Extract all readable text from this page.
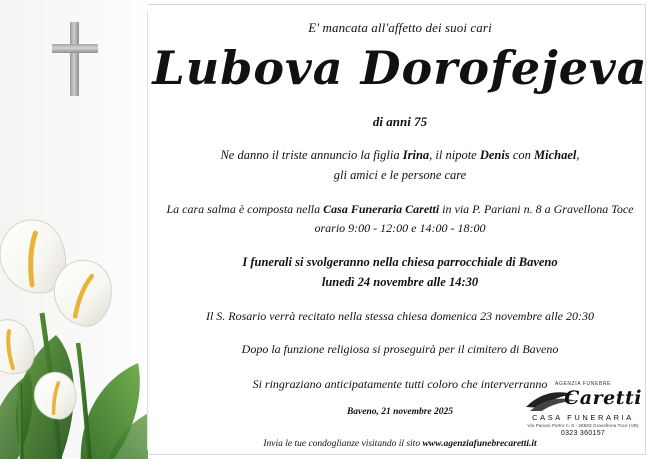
E' mancata all'affetto dei suoi cari
Lubova Dorofejeva
di anni 75
Ne danno il triste annuncio la figlia Irina, il nipote Denis con Michael,
gli amici e le persone care
La cara salma è composta nella Casa Funeraria Caretti in via P. Pariani n. 8 a Gravellona Toce
orario 9:00 - 12:00 e 14:00 - 18:00
I funerali si svolgeranno nella chiesa parrocchiale di Baveno
lunedì 24 novembre alle 14:30
Il S. Rosario verrà recitato nella stessa chiesa domenica 23 novembre alle 20:30
Dopo la funzione religiosa si proseguirà per il cimitero di Baveno
Si ringraziano anticipatamente tutti coloro che interverranno
Baveno, 21 novembre 2025
Invia le tue condoglianze visitando il sito www.agenziafunebrecaretti.it
AGENZIA FUNEBRE
Caretti
CASA FUNERARIA
Via Pariani Pietro n. 8 - 28883 Gravellona Toce (VB)
0323 360157
